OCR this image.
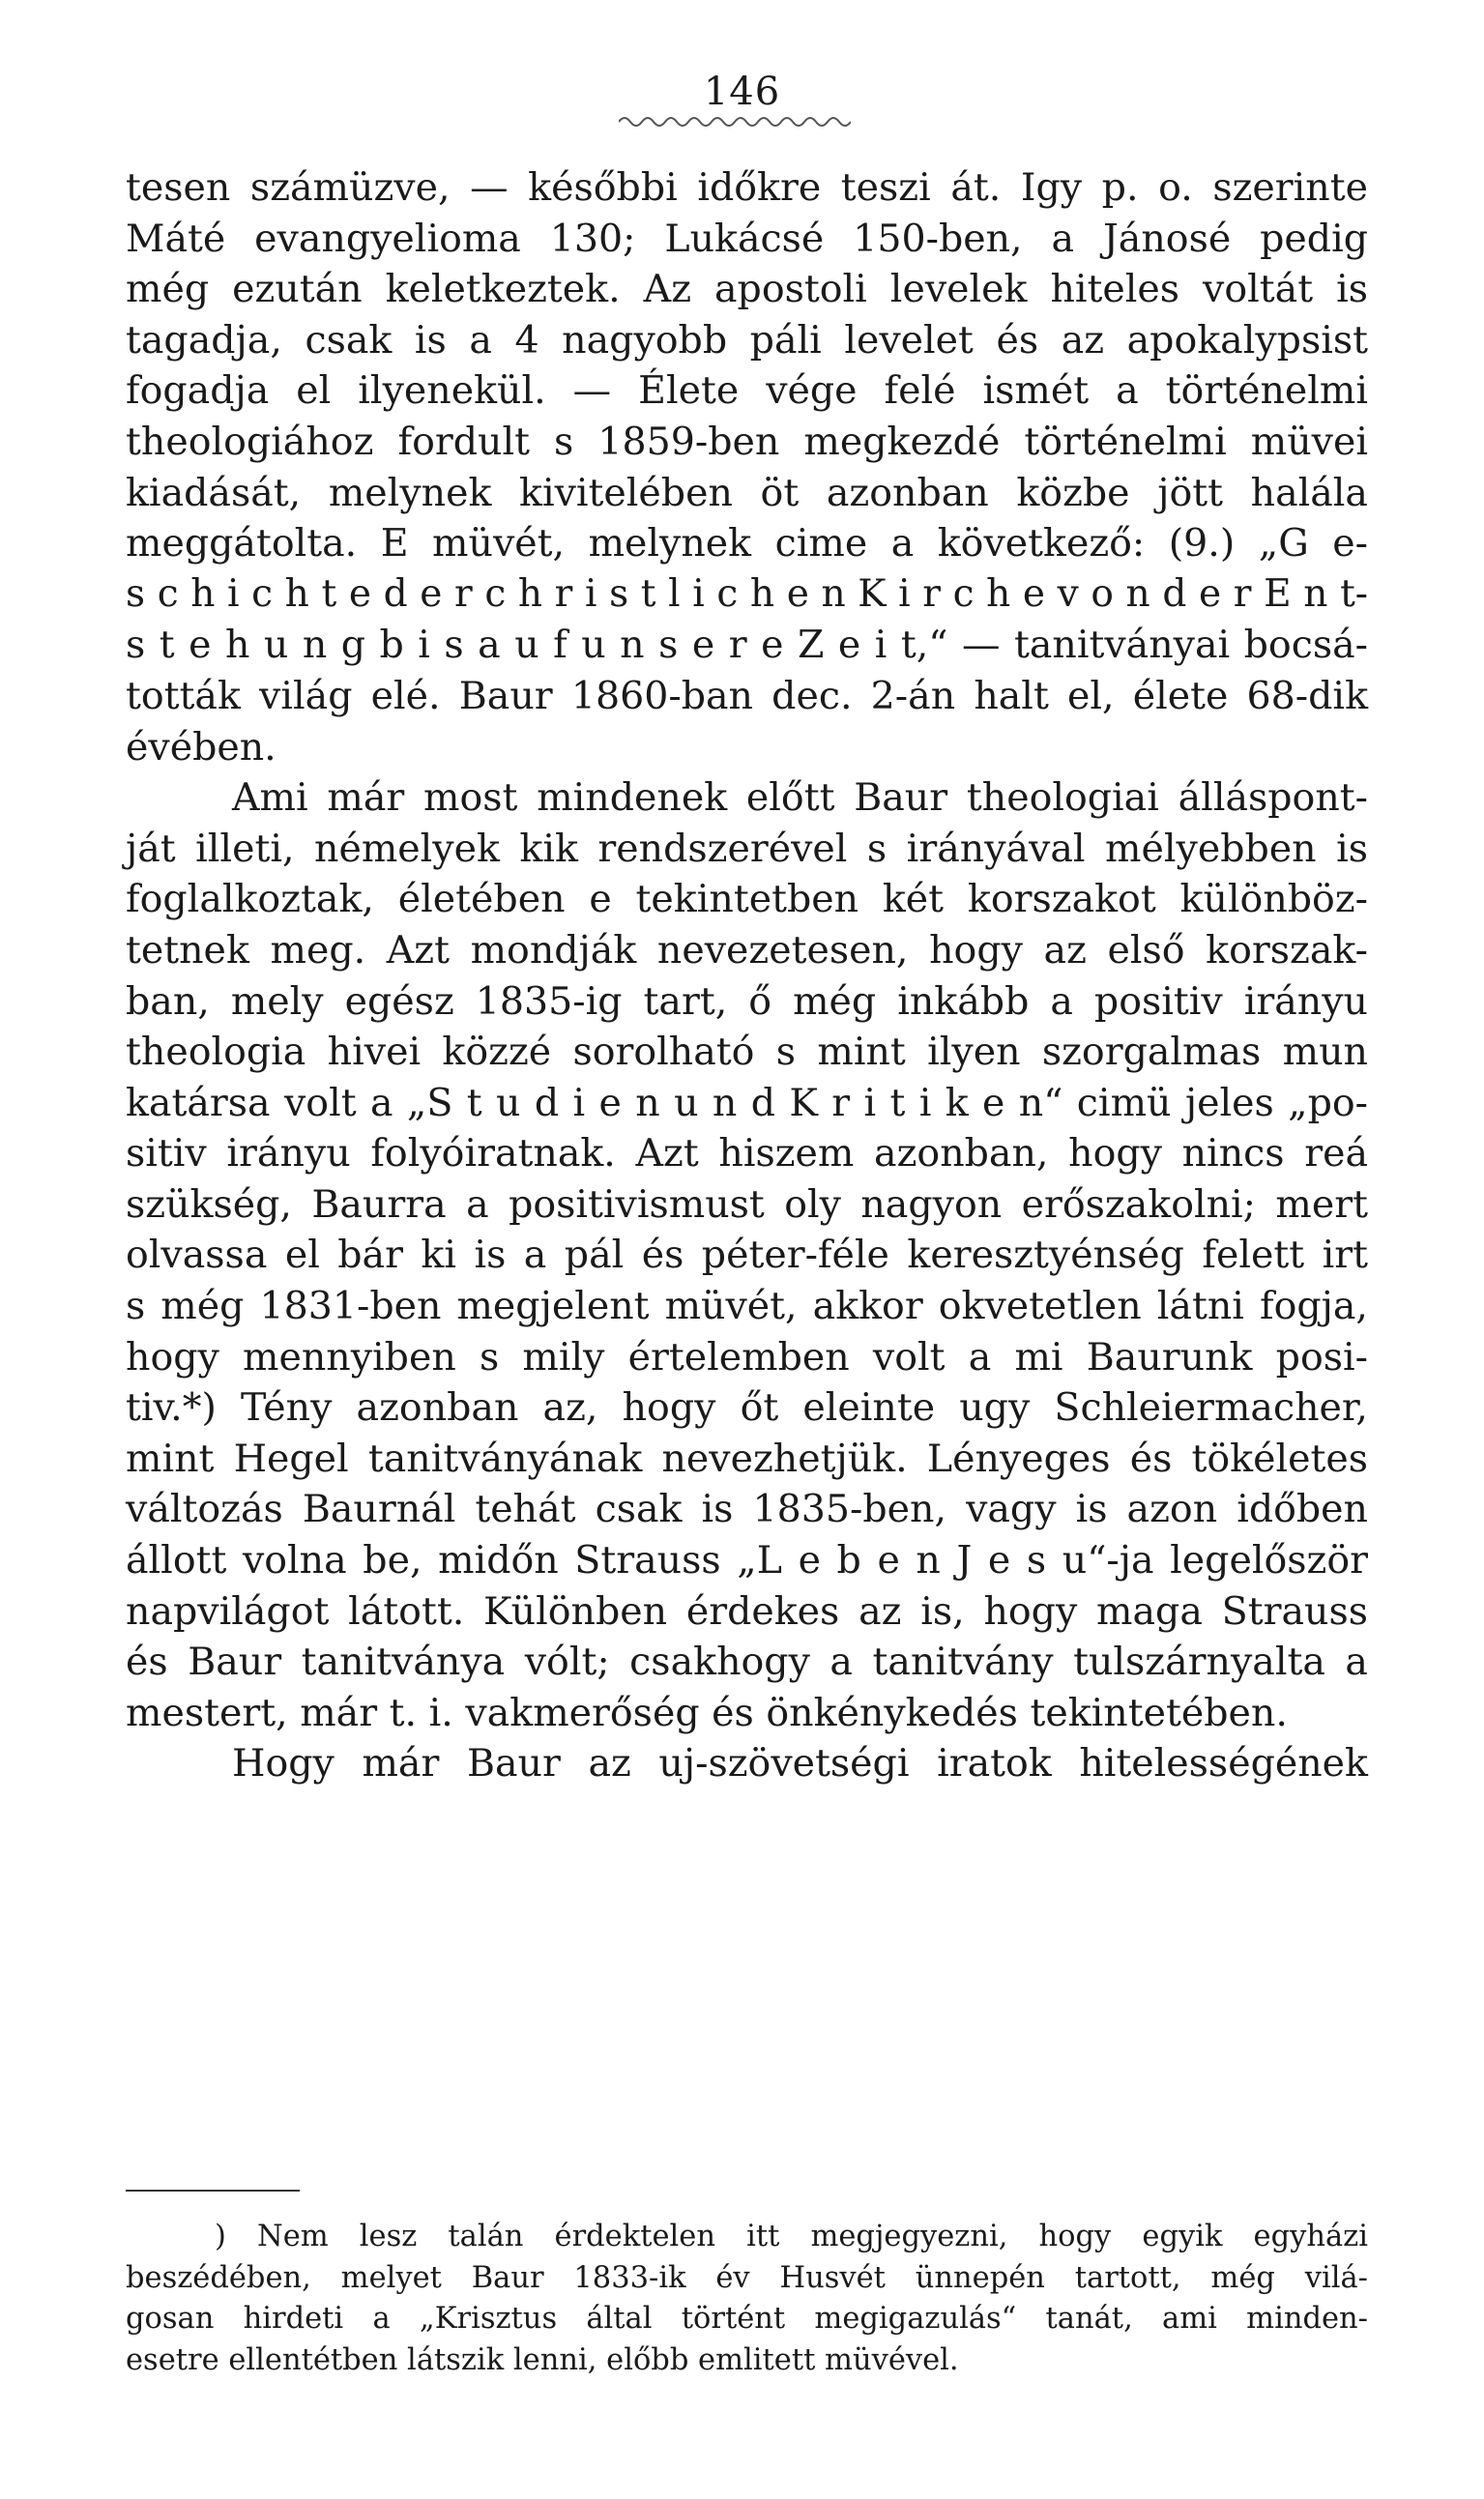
146
tesen számüzve, — későbbi időkre teszi át. Igy p. o. szerinte
Máté evangyelioma 130; Lukácsé 150-ben, a Jánosé pedig
még ezután keletkeztek. Az apostoli levelek hiteles voltát is
tagadja, csak is a 4 nagyobb páli levelet és az apokalypsist
fogadja el ilyenekül. — Élete vége felé ismét a történelmi
theologiához fordult s 1859-ben megkezdé történelmi müvei
kiadását, melynek kivitelében öt azonban közbe jött halála
meggátolta. E müvét, melynek cime a következő: (9.) „G e-
s c h i c h t e d e r c h r i s t l i c h e n K i r c h e v o n d e r E n t-
s t e h u n g b i s a u f u n s e r e Z e i t,“ — tanitványai bocsá-
tották világ elé. Baur 1860-ban dec. 2-án halt el, élete 68-dik
évében.
Ami már most mindenek előtt Baur theologiai álláspont-
ját illeti, némelyek kik rendszerével s irányával mélyebben is
foglalkoztak, életében e tekintetben két korszakot különböz-
tetnek meg. Azt mondják nevezetesen, hogy az első korszak-
ban, mely egész 1835-ig tart, ő még inkább a positiv irányu
theologia hivei közzé sorolható s mint ilyen szorgalmas mun
katársa volt a „S t u d i e n u n d K r i t i k e n“ cimü jeles „po-
sitiv irányu folyóiratnak. Azt hiszem azonban, hogy nincs reá
szükség, Baurra a positivismust oly nagyon erőszakolni; mert
olvassa el bár ki is a pál és péter-féle keresztyénség felett irt
s még 1831-ben megjelent müvét, akkor okvetetlen látni fogja,
hogy mennyiben s mily értelemben volt a mi Baurunk posi-
tiv.*) Tény azonban az, hogy őt eleinte ugy Schleiermacher,
mint Hegel tanitványának nevezhetjük. Lényeges és tökéletes
változás Baurnál tehát csak is 1835-ben, vagy is azon időben
állott volna be, midőn Strauss „L e b e n J e s u“-ja legelőször
napvilágot látott. Különben érdekes az is, hogy maga Strauss
és Baur tanitványa vólt; csakhogy a tanitvány tulszárnyalta a
mestert, már t. i. vakmerőség és önkénykedés tekintetében.
Hogy már Baur az uj-szövetségi iratok hitelességének
) Nem lesz talán érdektelen itt megjegyezni, hogy egyik egyházi
beszédében, melyet Baur 1833-ik év Husvét ünnepén tartott, még vilá-
gosan hirdeti a „Krisztus által történt megigazulás“ tanát, ami minden-
esetre ellentétben látszik lenni, előbb emlitett müvével.
